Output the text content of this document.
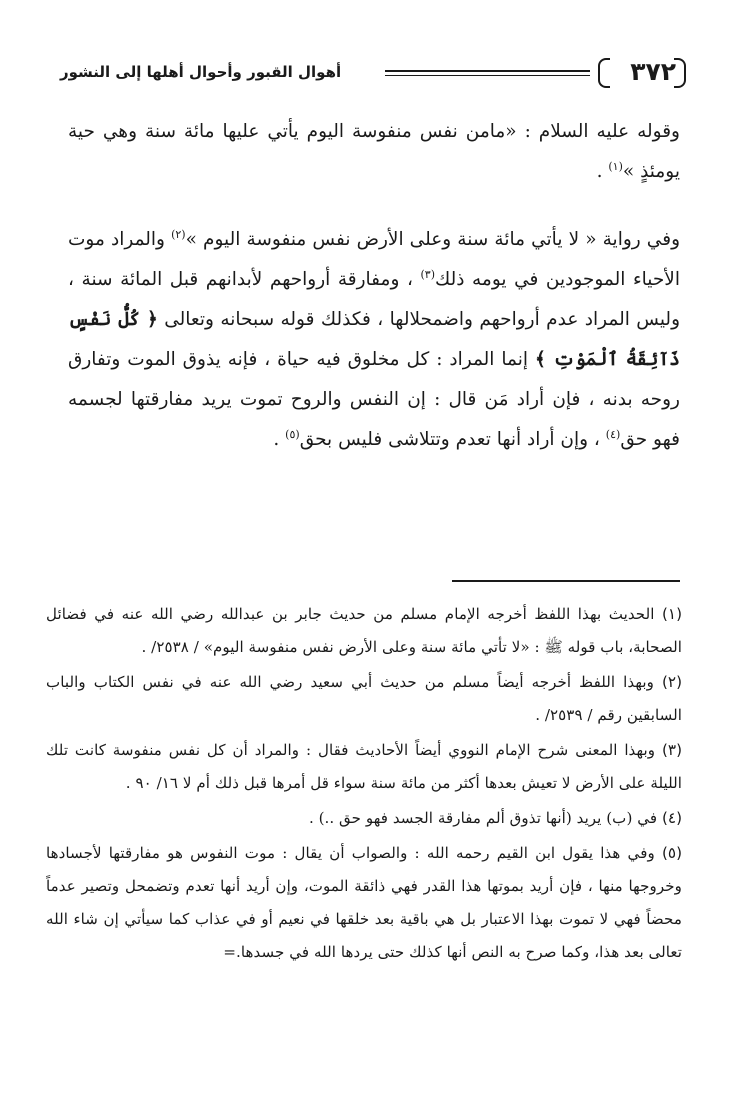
٣٧٢
أهوال القبور وأحوال أهلها إلى النشور

وقوله عليه السلام : «مامن نفس منفوسة اليوم يأتي عليها مائة سنة وهي حية يومئذٍ »$^{(١)}$ .

وفي رواية « لا يأتي مائة سنة وعلى الأرض نفس منفوسة اليوم »$^{(٢)}$ والمراد موت الأحياء الموجودين في يومه ذلك$^{(٣)}$ ، ومفارقة أرواحهم لأبدانهم قبل المائة سنة ، وليس المراد عدم أرواحهم واضمحلالها ، فكذلك قوله سبحانه وتعالى ﴿ كُلُّ نَفْسٍ ذَآئِقَةُ ٱلْمَوْتِ ﴾ إنما المراد : كل مخلوق فيه حياة ، فإنه يذوق الموت وتفارق روحه بدنه ، فإن أراد مَن قال : إن النفس والروح تموت يريد مفارقتها لجسمه فهو حق$^{(٤)}$ ، وإن أراد أنها تعدم وتتلاشى فليس بحق$^{(٥)}$ .

(١) الحديث بهذا اللفظ أخرجه الإمام مسلم من حديث جابر بن عبدالله رضي الله عنه في فضائل الصحابة، باب قوله ﷺ : «لا تأتي مائة سنة وعلى الأرض نفس منفوسة اليوم» / ٢٥٣٨/ .

(٢) وبهذا اللفظ أخرجه أيضاً مسلم من حديث أبي سعيد رضي الله عنه في نفس الكتاب والباب السابقين رقم / ٢٥٣٩/ .

(٣) وبهذا المعنى شرح الإمام النووي أيضاً الأحاديث فقال : والمراد أن كل نفس منفوسة كانت تلك الليلة على الأرض لا تعيش بعدها أكثر من مائة سنة سواء قل أمرها قبل ذلك أم لا ١٦/ ٩٠ .

(٤) في (ب) يريد (أنها تذوق ألم مفارقة الجسد فهو حق ..) .

(٥) وفي هذا يقول ابن القيم رحمه الله : والصواب أن يقال : موت النفوس هو مفارقتها لأجسادها وخروجها منها ، فإن أريد بموتها هذا القدر فهي ذائقة الموت، وإن أريد أنها تعدم وتضمحل وتصير عدماً محضاً فهي لا تموت بهذا الاعتبار بل هي باقية بعد خلقها في نعيم أو في عذاب كما سيأتي إن شاء الله تعالى بعد هذا، وكما صرح به النص أنها كذلك حتى يردها الله في جسدها.=
